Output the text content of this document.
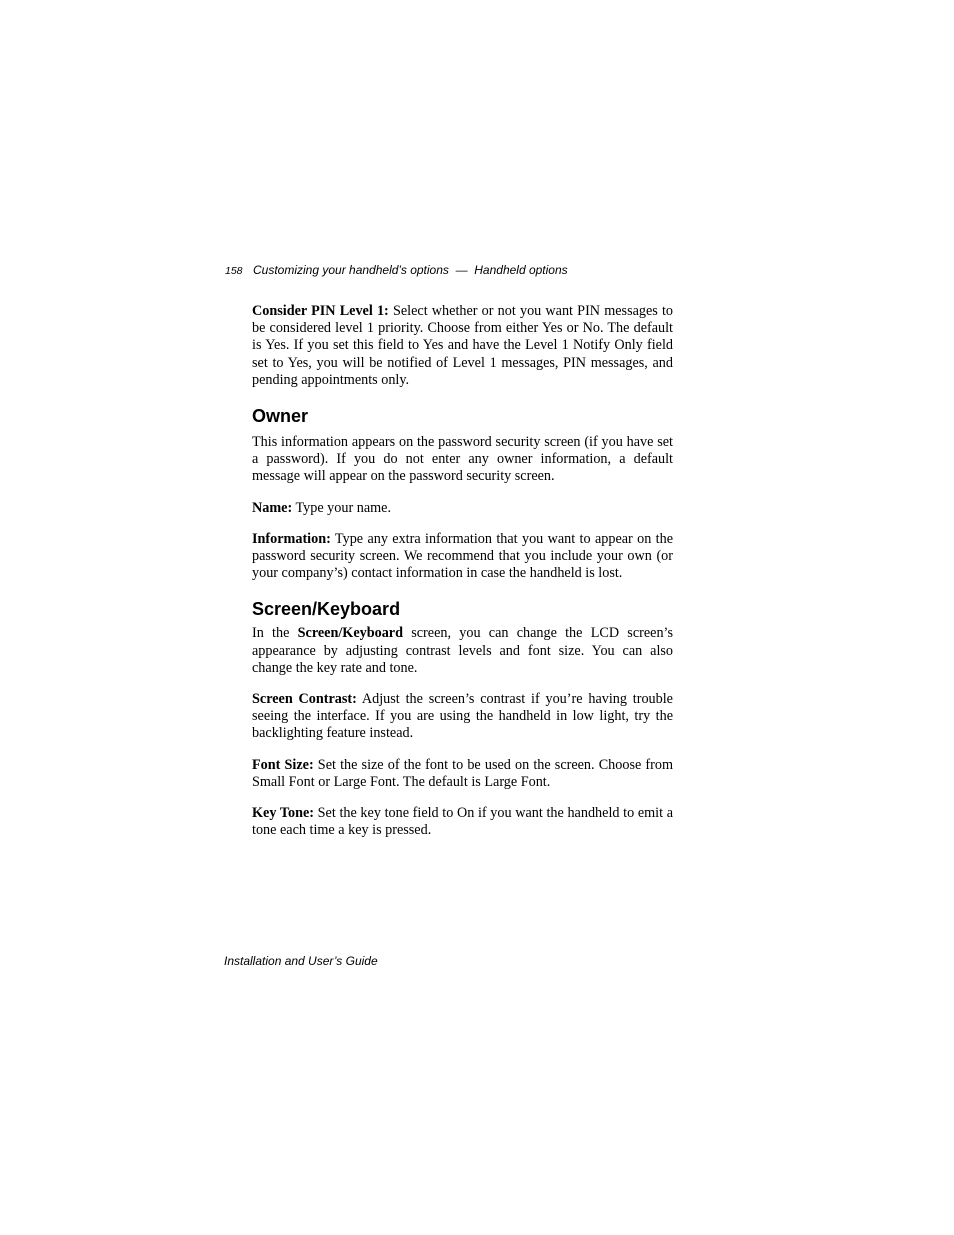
158 Customizing your handheld’s options — Handheld options

Consider PIN Level 1: Select whether or not you want PIN messages to be considered level 1 priority. Choose from either Yes or No. The default is Yes. If you set this field to Yes and have the Level 1 Notify Only field set to Yes, you will be notified of Level 1 messages, PIN messages, and pending appointments only.

Owner

This information appears on the password security screen (if you have set a password). If you do not enter any owner information, a default message will appear on the password security screen.

Name: Type your name.

Information: Type any extra information that you want to appear on the password security screen. We recommend that you include your own (or your company’s) contact information in case the handheld is lost.

Screen/Keyboard

In the Screen/Keyboard screen, you can change the LCD screen’s appearance by adjusting contrast levels and font size. You can also change the key rate and tone.

Screen Contrast: Adjust the screen’s contrast if you’re having trouble seeing the interface. If you are using the handheld in low light, try the backlighting feature instead.

Font Size: Set the size of the font to be used on the screen. Choose from Small Font or Large Font. The default is Large Font.

Key Tone: Set the key tone field to On if you want the handheld to emit a tone each time a key is pressed.

Installation and User’s Guide
